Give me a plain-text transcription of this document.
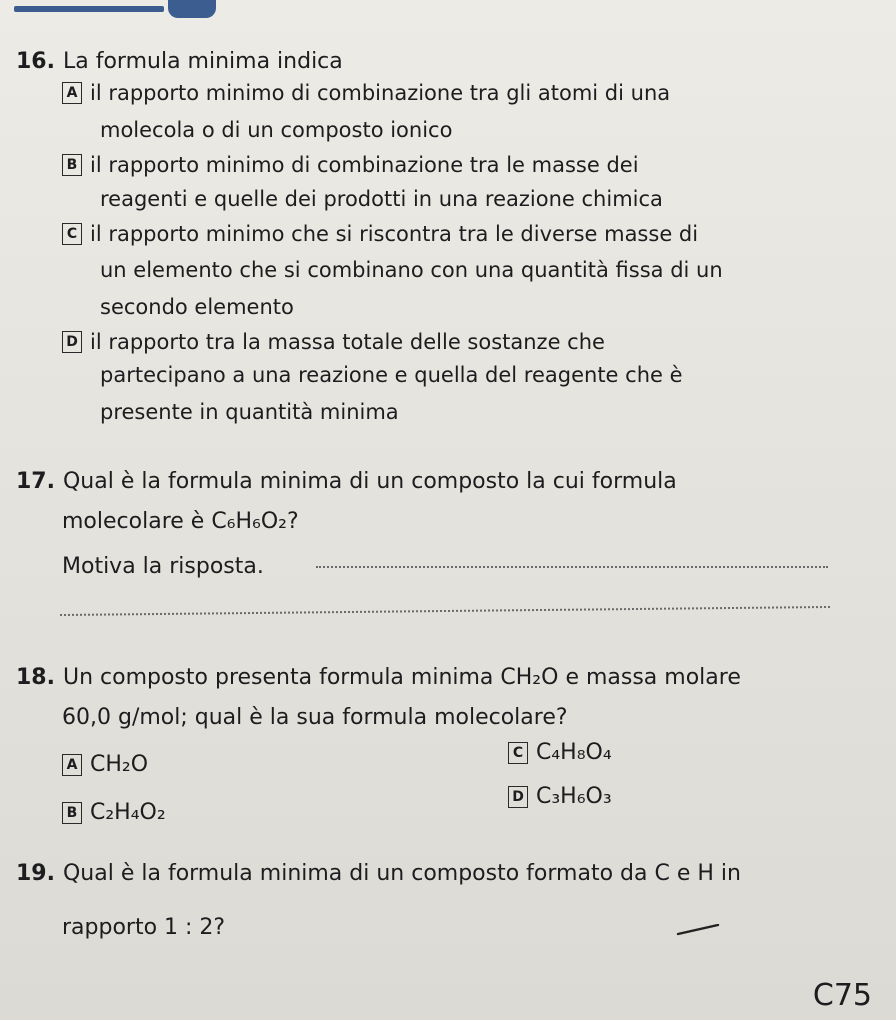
16. La formula minima indica
A il rapporto minimo di combinazione tra gli atomi di una
molecola o di un composto ionico
B il rapporto minimo di combinazione tra le masse dei
reagenti e quelle dei prodotti in una reazione chimica
C il rapporto minimo che si riscontra tra le diverse masse di
un elemento che si combinano con una quantità fissa di un
secondo elemento
D il rapporto tra la massa totale delle sostanze che
partecipano a una reazione e quella del reagente che è
presente in quantità minima
17. Qual è la formula minima di un composto la cui formula
molecolare è C₆H₆O₂?
Motiva la risposta.
18. Un composto presenta formula minima CH₂O e massa molare
60,0 g/mol; qual è la sua formula molecolare?
A CH₂O
B C₂H₄O₂
C C₄H₈O₄
D C₃H₆O₃
19. Qual è la formula minima di un composto formato da C e H in
rapporto 1 : 2?
C75
